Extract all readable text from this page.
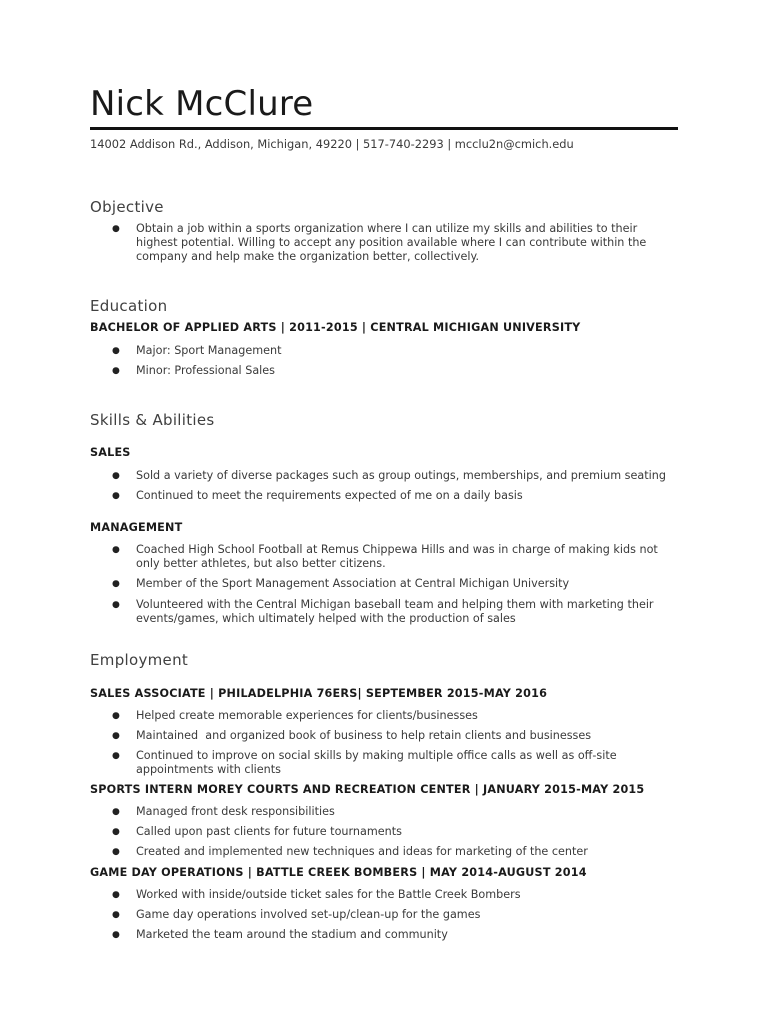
Nick McClure
14002 Addison Rd., Addison, Michigan, 49220 | 517-740-2293 | mcclu2n@cmich.edu
Objective
● Obtain a job within a sports organization where I can utilize my skills and abilities to their
highest potential. Willing to accept any position available where I can contribute within the
company and help make the organization better, collectively.
Education
BACHELOR OF APPLIED ARTS | 2011-2015 | CENTRAL MICHIGAN UNIVERSITY
● Major: Sport Management
● Minor: Professional Sales
Skills & Abilities
SALES
● Sold a variety of diverse packages such as group outings, memberships, and premium seating
● Continued to meet the requirements expected of me on a daily basis
MANAGEMENT
● Coached High School Football at Remus Chippewa Hills and was in charge of making kids not
only better athletes, but also better citizens.
● Member of the Sport Management Association at Central Michigan University
● Volunteered with the Central Michigan baseball team and helping them with marketing their
events/games, which ultimately helped with the production of sales
Employment
SALES ASSOCIATE | PHILADELPHIA 76ERS| SEPTEMBER 2015-MAY 2016
● Helped create memorable experiences for clients/businesses
● Maintained  and organized book of business to help retain clients and businesses
● Continued to improve on social skills by making multiple office calls as well as off-site
appointments with clients
SPORTS INTERN MOREY COURTS AND RECREATION CENTER | JANUARY 2015-MAY 2015
● Managed front desk responsibilities
● Called upon past clients for future tournaments
● Created and implemented new techniques and ideas for marketing of the center
GAME DAY OPERATIONS | BATTLE CREEK BOMBERS | MAY 2014-AUGUST 2014
● Worked with inside/outside ticket sales for the Battle Creek Bombers
● Game day operations involved set-up/clean-up for the games
● Marketed the team around the stadium and community
